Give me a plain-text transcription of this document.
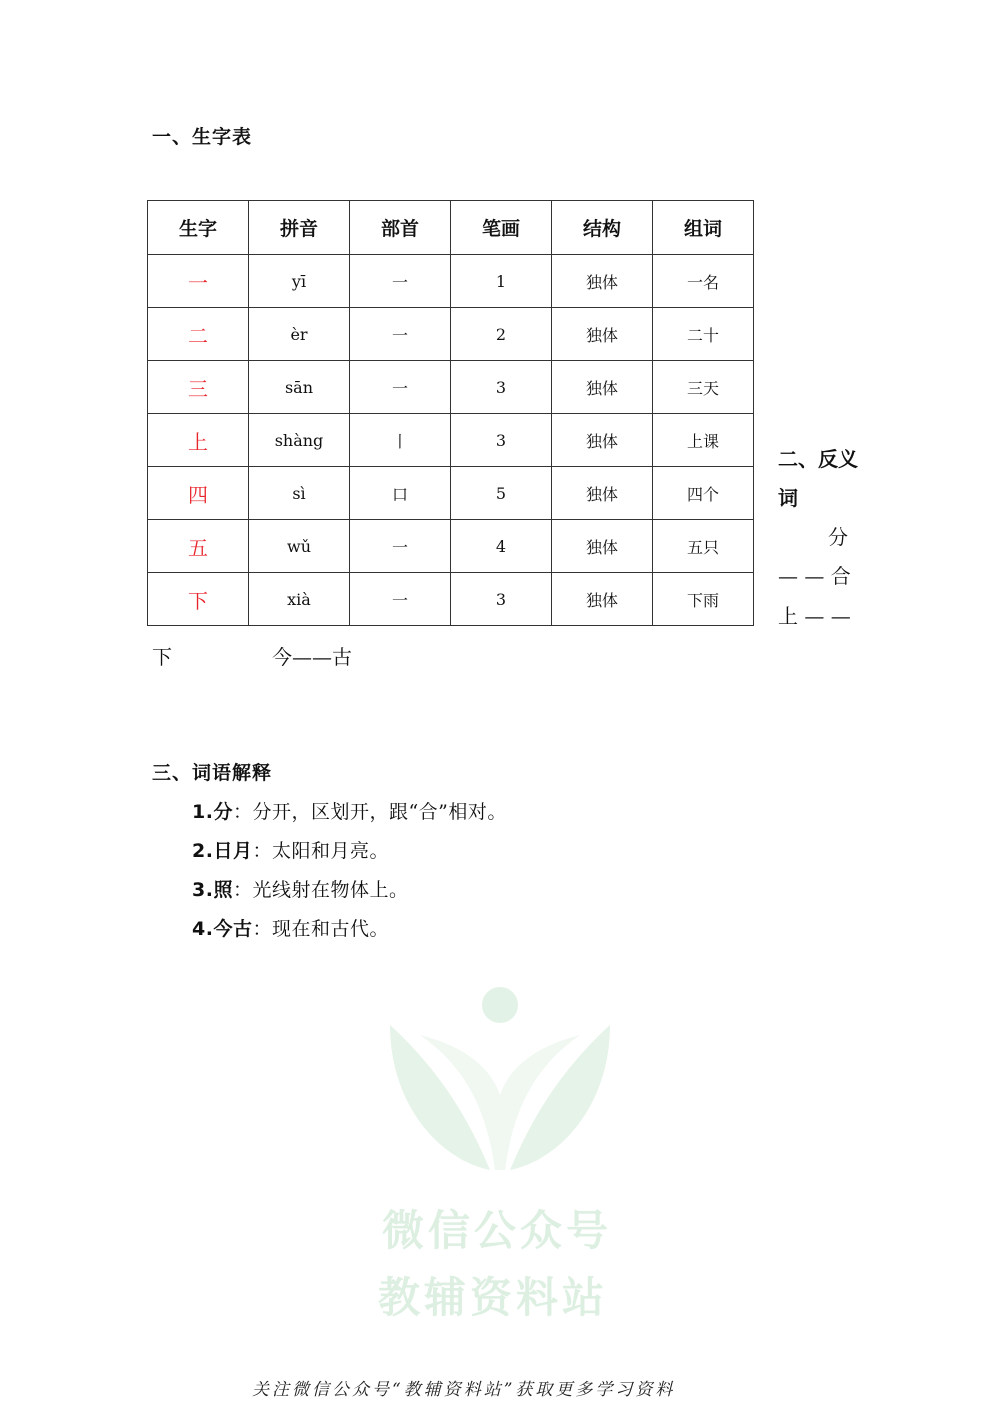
一、生字表
生字	拼音	部首	笔画	结构	组词
一	yī	一	1	独体	一名
二	èr	一	2	独体	二十
三	sān	一	3	独体	三天
上	shàng	丨	3	独体	上课
四	sì	口	5	独体	四个
五	wǔ	一	4	独体	五只
下	xià	一	3	独体	下雨
二、反义
词
分
— — 合
上 — —
下	今——古
三、词语解释
1.分：分开，区划开，跟“合”相对。
2.日月：太阳和月亮。
3.照：光线射在物体上。
4.今古：现在和古代。
微信公众号
教辅资料站
关注微信公众号“教辅资料站”获取更多学习资料
